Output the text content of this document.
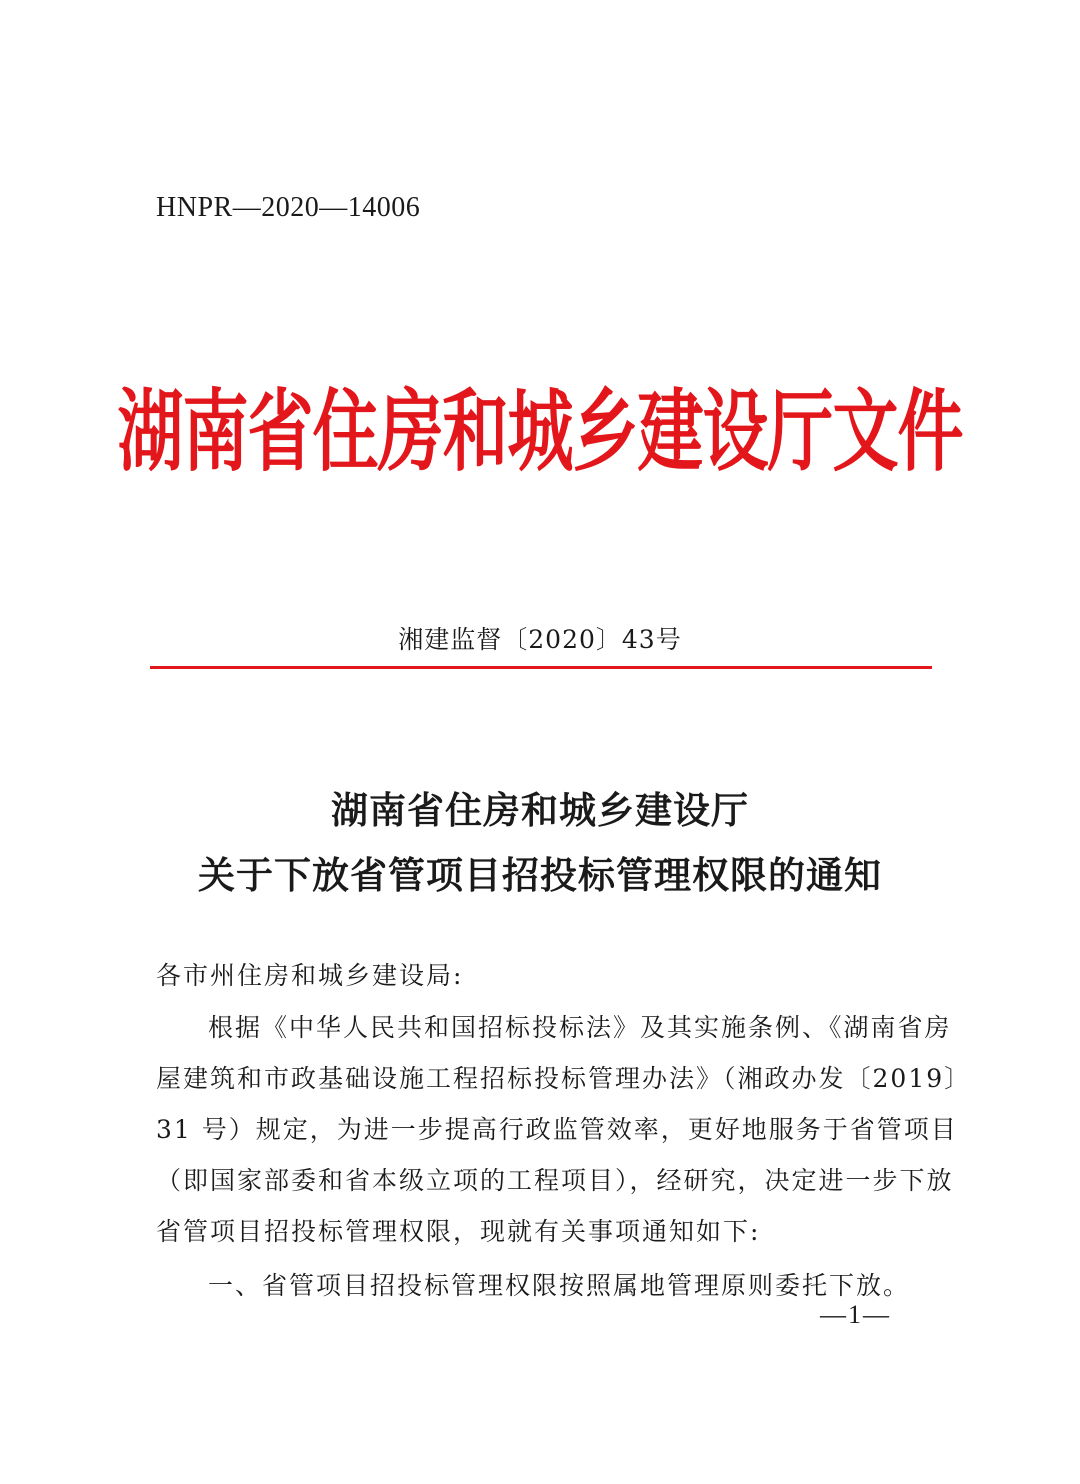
HNPR—2020—14006
湖南省住房和城乡建设厅文件
湘建监督〔2020〕43号
湖南省住房和城乡建设厅
关于下放省管项目招投标管理权限的通知
各市州住房和城乡建设局:
根据《中华人民共和国招标投标法》及其实施条例、《湖南省房
屋建筑和市政基础设施工程招标投标管理办法》（湘政办发〔2019〕
31 号）规定，为进一步提高行政监管效率，更好地服务于省管项目
（即国家部委和省本级立项的工程项目），经研究，决定进一步下放
省管项目招投标管理权限，现就有关事项通知如下:
一、省管项目招投标管理权限按照属地管理原则委托下放。
—1—
